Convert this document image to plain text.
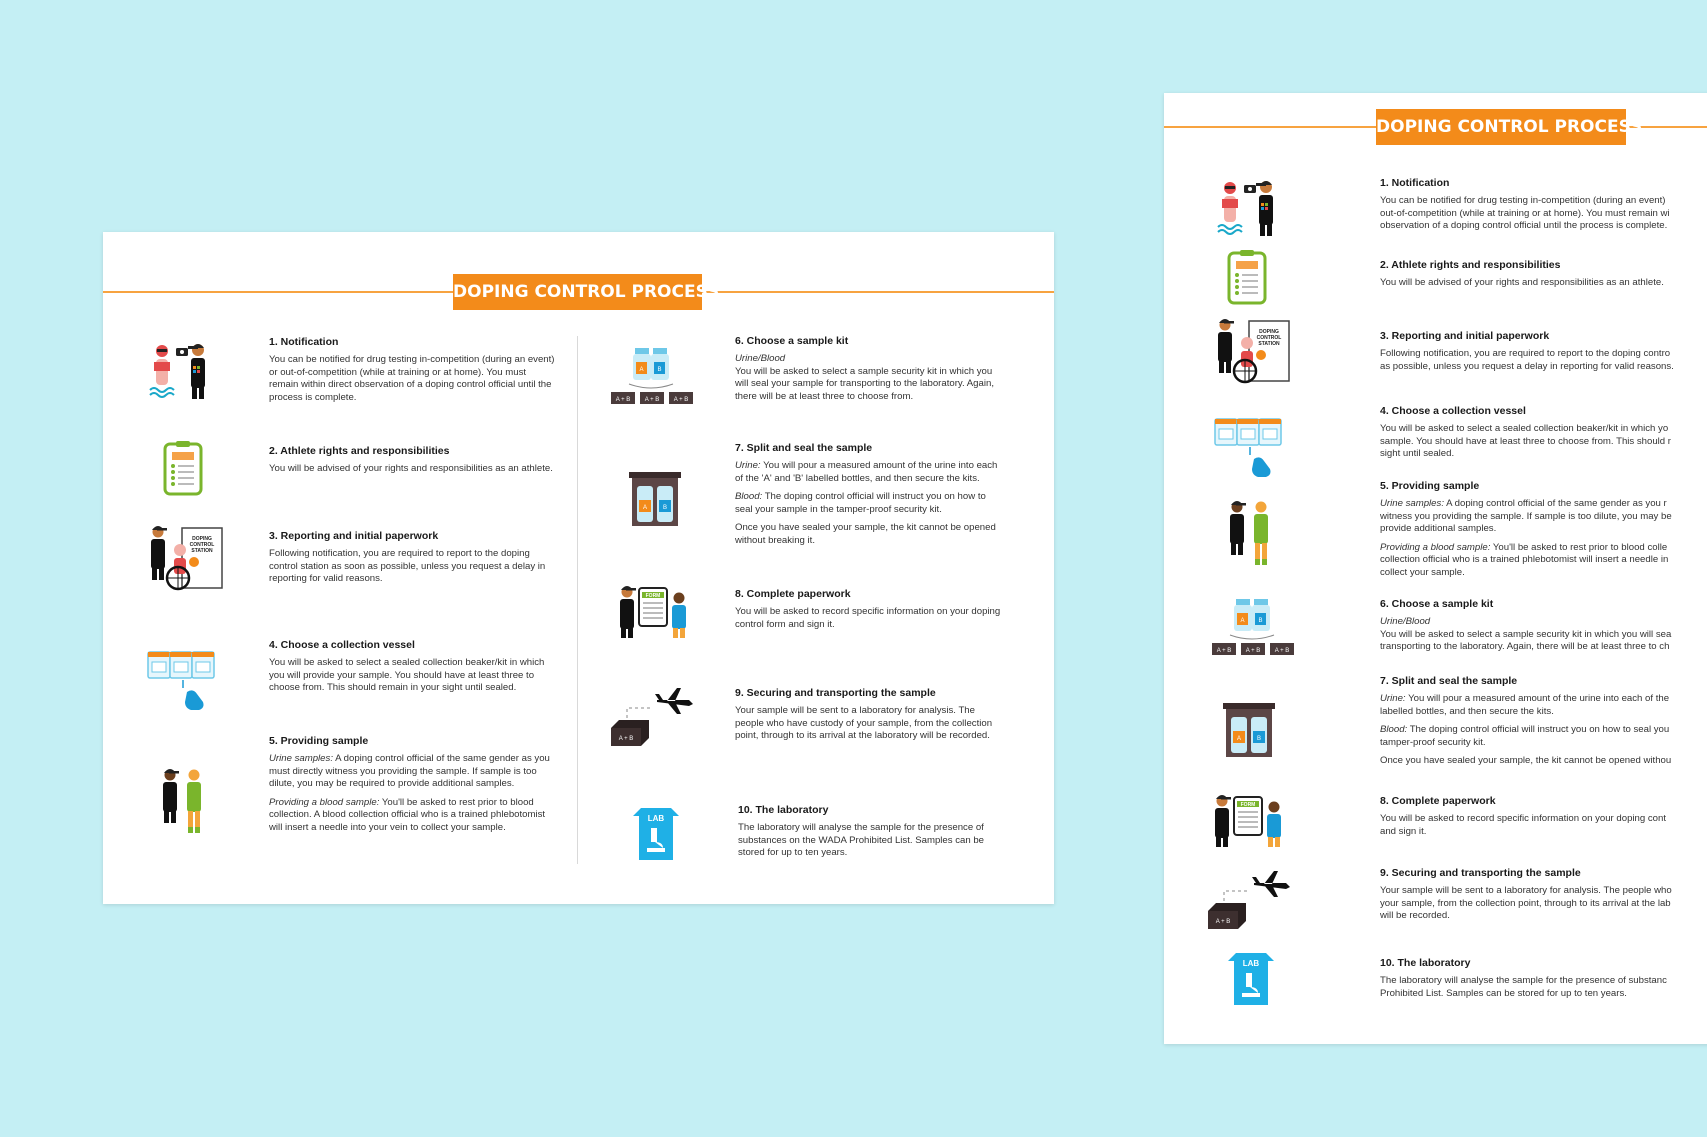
DOPING CONTROL PROCESS
1. Notification

You can be notified for drug testing in-competition (during an event) or out-of-competition (while at training or at home). You must remain within direct observation of a doping control official until the process is complete.

2. Athlete rights and responsibilities

You will be advised of your rights and responsibilities as an athlete.

DOPING
CONTROL
STATION
3. Reporting and initial paperwork

Following notification, you are required to report to the doping control station as soon as possible, unless you request a delay in reporting for valid reasons.

4. Choose a collection vessel

You will be asked to select a sealed collection beaker/kit in which you will provide your sample. You should have at least three to choose from. This should remain in your sight until sealed.

5. Providing sample

Urine samples: A doping control official of the same gender as you must directly witness you providing the sample. If sample is too dilute, you may be required to provide additional samples.

Providing a blood sample: You'll be asked to rest prior to blood collection. A blood collection official who is a trained phlebotomist will insert a needle into your vein to collect your sample.

A B
A + B A + B A + B
6. Choose a sample kit

Urine/Blood

You will be asked to select a sample security kit in which you will seal your sample for transporting to the laboratory. Again, there will be at least three to choose from.

A	B
7. Split and seal the sample

Urine: You will pour a measured amount of the urine into each of the 'A' and 'B' labelled bottles, and then secure the kits.

Blood: The doping control official will instruct you on how to seal your sample in the tamper-proof security kit.

Once you have sealed your sample, the kit cannot be opened without breaking it.

FORM	8. Complete paperwork

You will be asked to record specific information on your doping control form and sign it.

A + B
9. Securing and transporting the sample

Your sample will be sent to a laboratory for analysis. The people who have custody of your sample, from the collection point, through to its arrival at the laboratory will be recorded.

LAB
10. The laboratory

The laboratory will analyse the sample for the presence of substances on the WADA Prohibited List. Samples can be stored for up to ten years.

DOPING CONTROL PROCESS
1. Notification

You can be notified for drug testing in-competition (during an event)
out-of-competition (while at training or at home). You must remain wi
observation of a doping control official until the process is complete.

2. Athlete rights and responsibilities

You will be advised of your rights and responsibilities as an athlete.

DOPING
CONTROL
STATION
3. Reporting and initial paperwork

Following notification, you are required to report to the doping contro
as possible, unless you request a delay in reporting for valid reasons.

4. Choose a collection vessel

You will be asked to select a sealed collection beaker/kit in which yo
sample. You should have at least three to choose from. This should r
sight until sealed.

5. Providing sample

Urine samples: A doping control official of the same gender as you r
witness you providing the sample. If sample is too dilute, you may be
provide additional samples.

Providing a blood sample: You'll be asked to rest prior to blood colle
collection official who is a trained phlebotomist will insert a needle in
collect your sample.

A B
A + B A + B A + B
6. Choose a sample kit

Urine/Blood

You will be asked to select a sample security kit in which you will sea
transporting to the laboratory. Again, there will be at least three to ch

A	B
7. Split and seal the sample

Urine: You will pour a measured amount of the urine into each of the
labelled bottles, and then secure the kits.

Blood: The doping control official will instruct you on how to seal you
tamper-proof security kit.

Once you have sealed your sample, the kit cannot be opened withou

FORM	8. Complete paperwork

You will be asked to record specific information on your doping cont
and sign it.

A + B
9. Securing and transporting the sample

Your sample will be sent to a laboratory for analysis. The people who
your sample, from the collection point, through to its arrival at the lab
will be recorded.

LAB	10. The laboratory

The laboratory will analyse the sample for the presence of substanc
Prohibited List. Samples can be stored for up to ten years.
